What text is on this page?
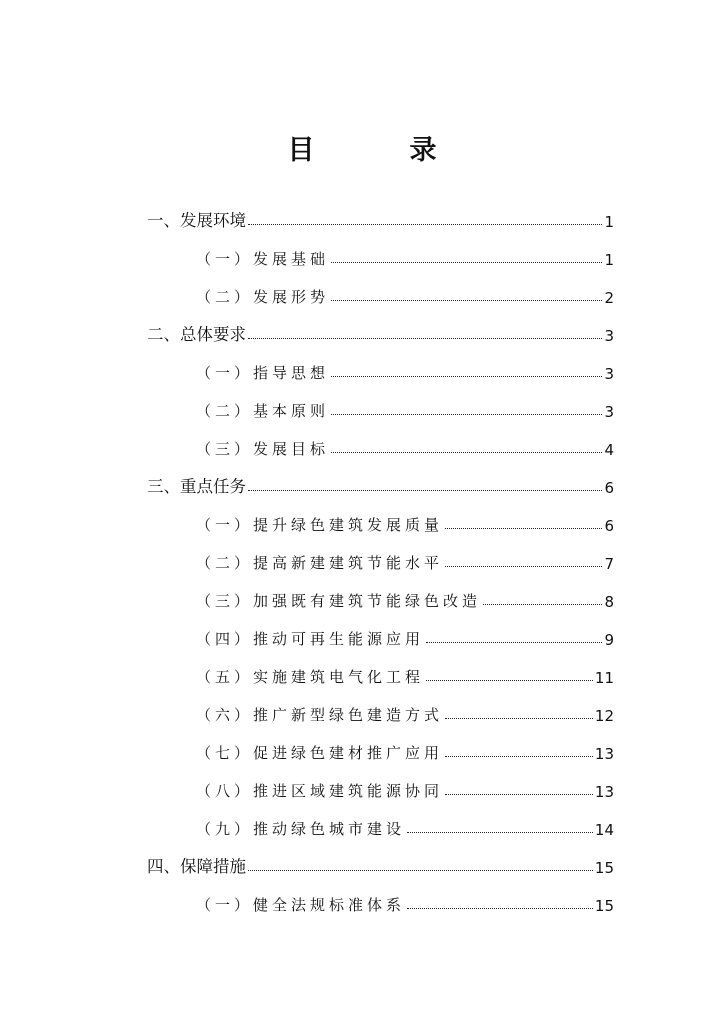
目　录
一、发展环境	1
（一）发展基础	1
（二）发展形势	2
二、总体要求	3
（一）指导思想	3
（二）基本原则	3
（三）发展目标	4
三、重点任务	6
（一）提升绿色建筑发展质量	6
（二）提高新建建筑节能水平	7
（三）加强既有建筑节能绿色改造	8
（四）推动可再生能源应用	9
（五）实施建筑电气化工程	11
（六）推广新型绿色建造方式	12
（七）促进绿色建材推广应用	13
（八）推进区域建筑能源协同	13
（九）推动绿色城市建设	14
四、保障措施	15
（一）健全法规标准体系	15
